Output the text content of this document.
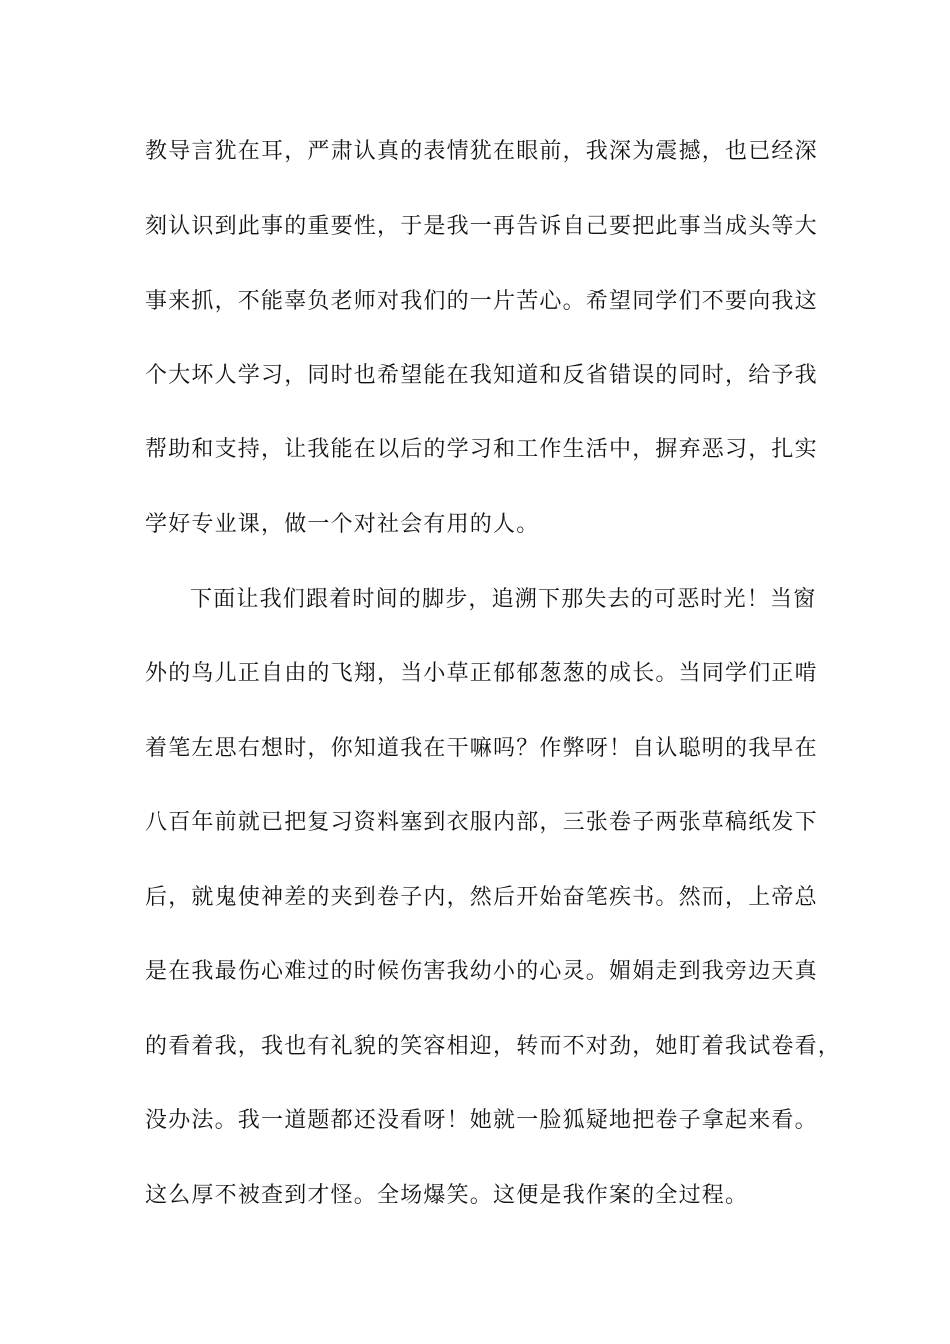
教导言犹在耳，严肃认真的表情犹在眼前，我深为震撼，也已经深
刻认识到此事的重要性，于是我一再告诉自己要把此事当成头等大
事来抓，不能辜负老师对我们的一片苦心。希望同学们不要向我这
个大坏人学习，同时也希望能在我知道和反省错误的同时，给予我
帮助和支持，让我能在以后的学习和工作生活中，摒弃恶习，扎实
学好专业课，做一个对社会有用的人。
下面让我们跟着时间的脚步，追溯下那失去的可恶时光！当窗
外的鸟儿正自由的飞翔，当小草正郁郁葱葱的成长。当同学们正啃
着笔左思右想时，你知道我在干嘛吗？作弊呀！自认聪明的我早在
八百年前就已把复习资料塞到衣服内部，三张卷子两张草稿纸发下
后，就鬼使神差的夹到卷子内，然后开始奋笔疾书。然而，上帝总
是在我最伤心难过的时候伤害我幼小的心灵。媚娟走到我旁边天真
的看着我，我也有礼貌的笑容相迎，转而不对劲，她盯着我试卷看，
没办法。我一道题都还没看呀！她就一脸狐疑地把卷子拿起来看。
这么厚不被查到才怪。全场爆笑。这便是我作案的全过程。
